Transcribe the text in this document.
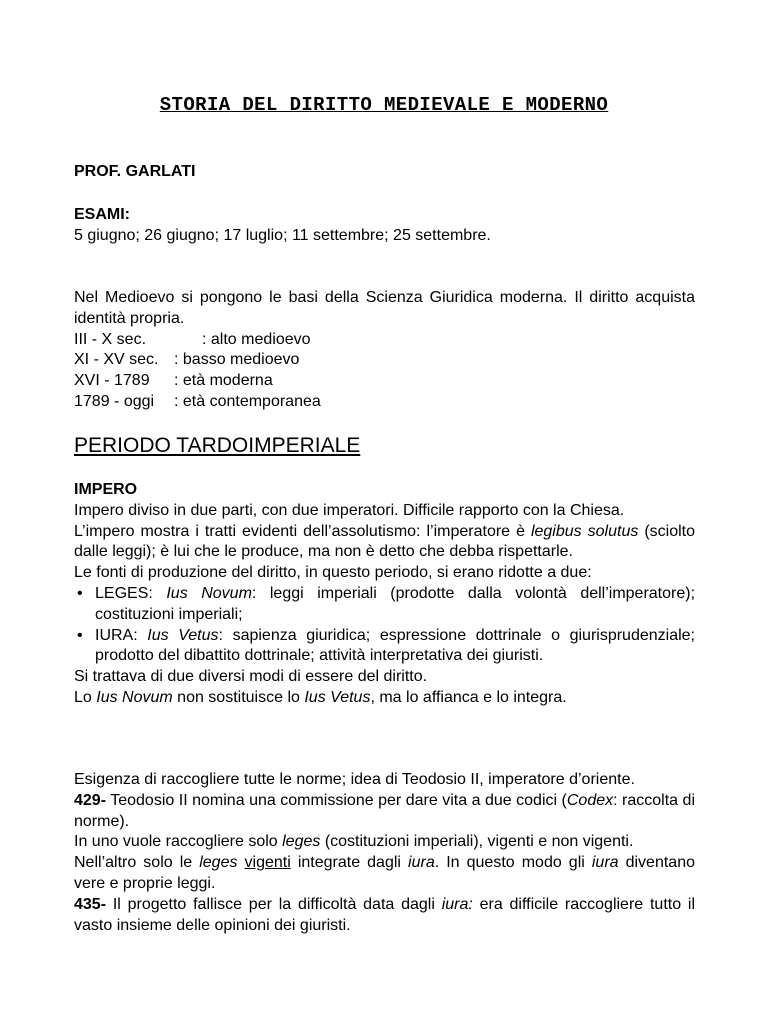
STORIA DEL DIRITTO MEDIEVALE E MODERNO
PROF. GARLATI
ESAMI:
5 giugno; 26 giugno; 17 luglio; 11 settembre; 25 settembre.
Nel Medioevo si pongono le basi della Scienza Giuridica moderna. Il diritto acquista identità propria.
III - X sec.	: alto medioevo
XI - XV sec. : basso medioevo
XVI - 1789 : età moderna
1789 - oggi : età contemporanea
PERIODO TARDOIMPERIALE
IMPERO
Impero diviso in due parti, con due imperatori. Difficile rapporto con la Chiesa.
L’impero mostra i tratti evidenti dell’assolutismo: l’imperatore è legibus solutus (sciolto dalle leggi); è lui che le produce, ma non è detto che debba rispettarle.
Le fonti di produzione del diritto, in questo periodo, si erano ridotte a due:
• LEGES: Ius Novum: leggi imperiali (prodotte dalla volontà dell’imperatore); costituzioni imperiali;
• IURA: Ius Vetus: sapienza giuridica; espressione dottrinale o giurisprudenziale; prodotto del dibattito dottrinale; attività interpretativa dei giuristi.
Si trattava di due diversi modi di essere del diritto.
Lo Ius Novum non sostituisce lo Ius Vetus, ma lo affianca e lo integra.
Esigenza di raccogliere tutte le norme; idea di Teodosio II, imperatore d’oriente.
429- Teodosio II nomina una commissione per dare vita a due codici (Codex: raccolta di norme).
In uno vuole raccogliere solo leges (costituzioni imperiali), vigenti e non vigenti.
Nell’altro solo le leges vigenti integrate dagli iura. In questo modo gli iura diventano vere e proprie leggi.
435- Il progetto fallisce per la difficoltà data dagli iura: era difficile raccogliere tutto il vasto insieme delle opinioni dei giuristi.
